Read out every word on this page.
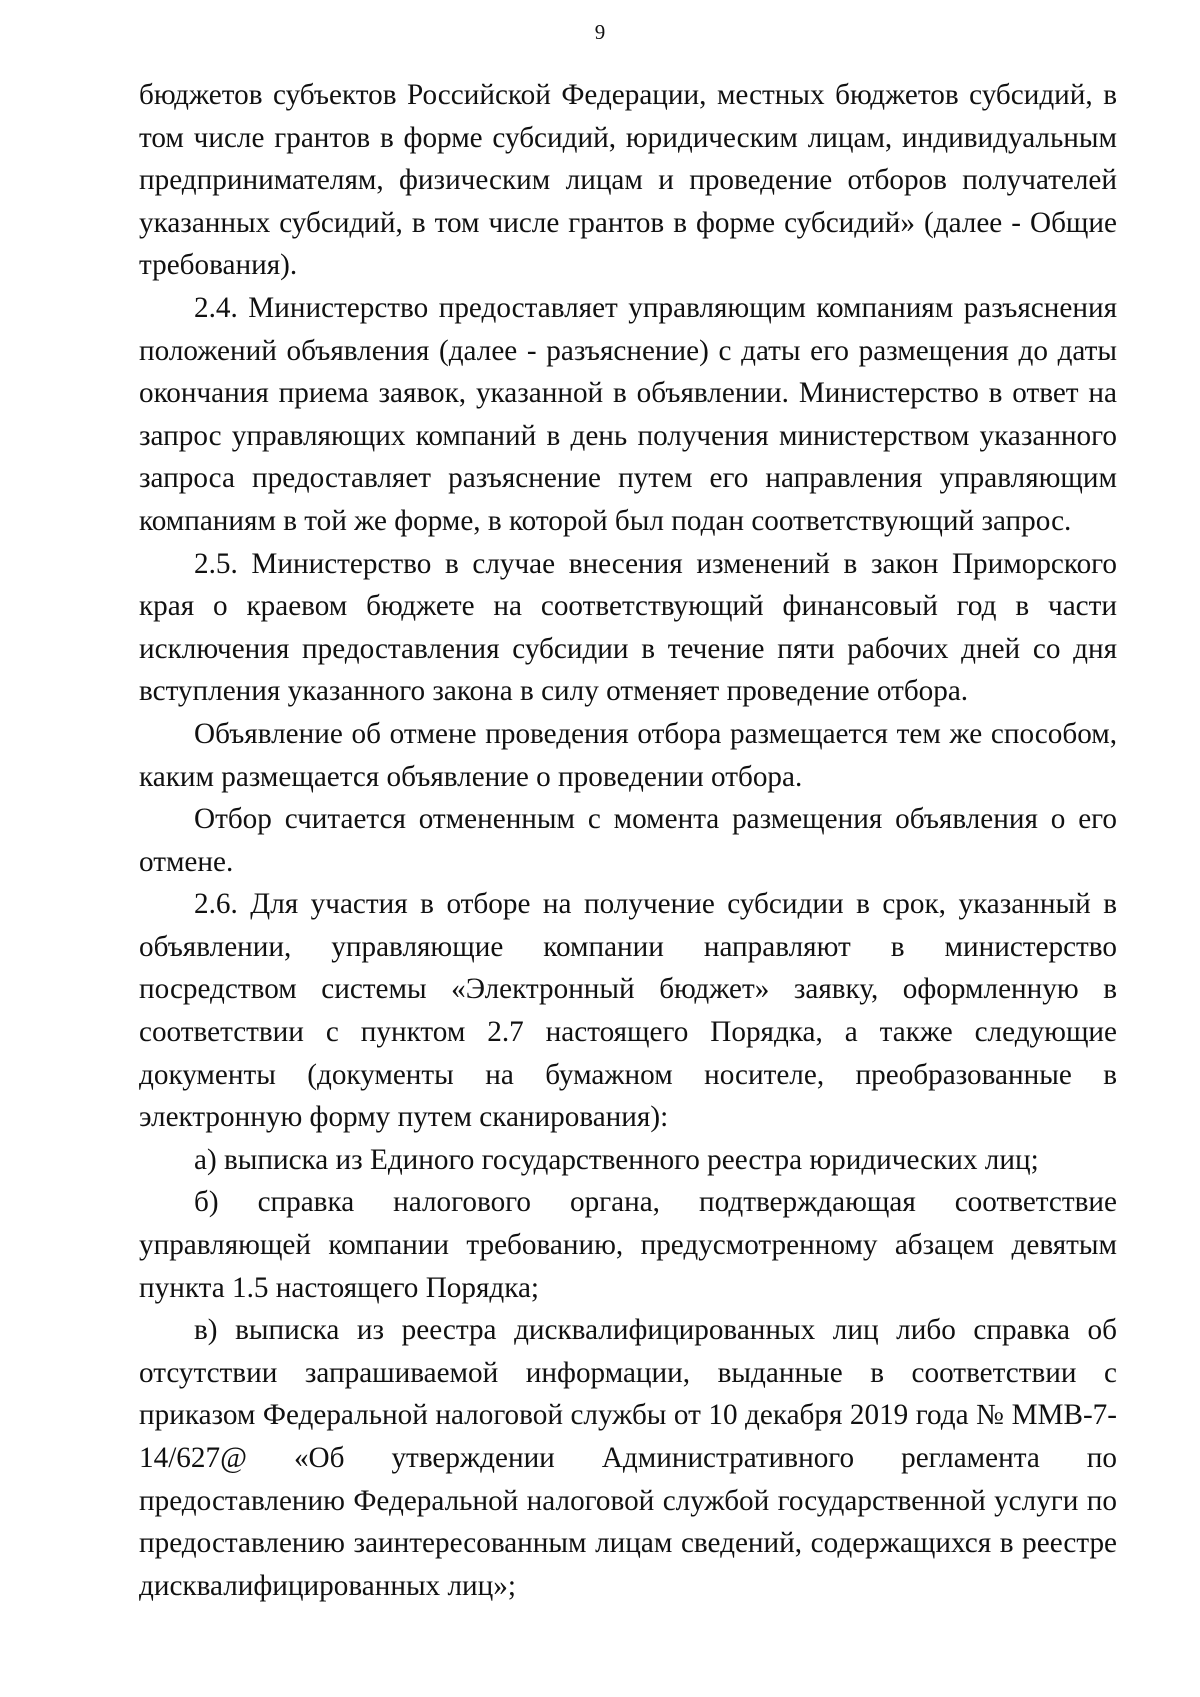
9

бюджетов субъектов Российской Федерации, местных бюджетов субсидий, в том числе грантов в форме субсидий, юридическим лицам, индивидуальным предпринимателям, физическим лицам и проведение отборов получателей указанных субсидий, в том числе грантов в форме субсидий» (далее - Общие требования).

2.4. Министерство предоставляет управляющим компаниям разъяснения положений объявления (далее - разъяснение) с даты его размещения до даты окончания приема заявок, указанной в объявлении. Министерство в ответ на запрос управляющих компаний в день получения министерством указанного запроса предоставляет разъяснение путем его направления управляющим компаниям в той же форме, в которой был подан соответствующий запрос.

2.5. Министерство в случае внесения изменений в закон Приморского края о краевом бюджете на соответствующий финансовый год в части исключения предоставления субсидии в течение пяти рабочих дней со дня вступления указанного закона в силу отменяет проведение отбора.

Объявление об отмене проведения отбора размещается тем же способом, каким размещается объявление о проведении отбора.

Отбор считается отмененным с момента размещения объявления о его отмене.

2.6. Для участия в отборе на получение субсидии в срок, указанный в объявлении, управляющие компании направляют в министерство посредством системы «Электронный бюджет» заявку, оформленную в соответствии с пунктом 2.7 настоящего Порядка, а также следующие документы (документы на бумажном носителе, преобразованные в электронную форму путем сканирования):

а) выписка из Единого государственного реестра юридических лиц;

б) справка налогового органа, подтверждающая соответствие управляющей компании требованию, предусмотренному абзацем девятым пункта 1.5 настоящего Порядка;

в) выписка из реестра дисквалифицированных лиц либо справка об отсутствии запрашиваемой информации, выданные в соответствии с приказом Федеральной налоговой службы от 10 декабря 2019 года № ММВ-7-14/627@ «Об утверждении Административного регламента по предоставлению Федеральной налоговой службой государственной услуги по предоставлению заинтересованным лицам сведений, содержащихся в реестре дисквалифицированных лиц»;
